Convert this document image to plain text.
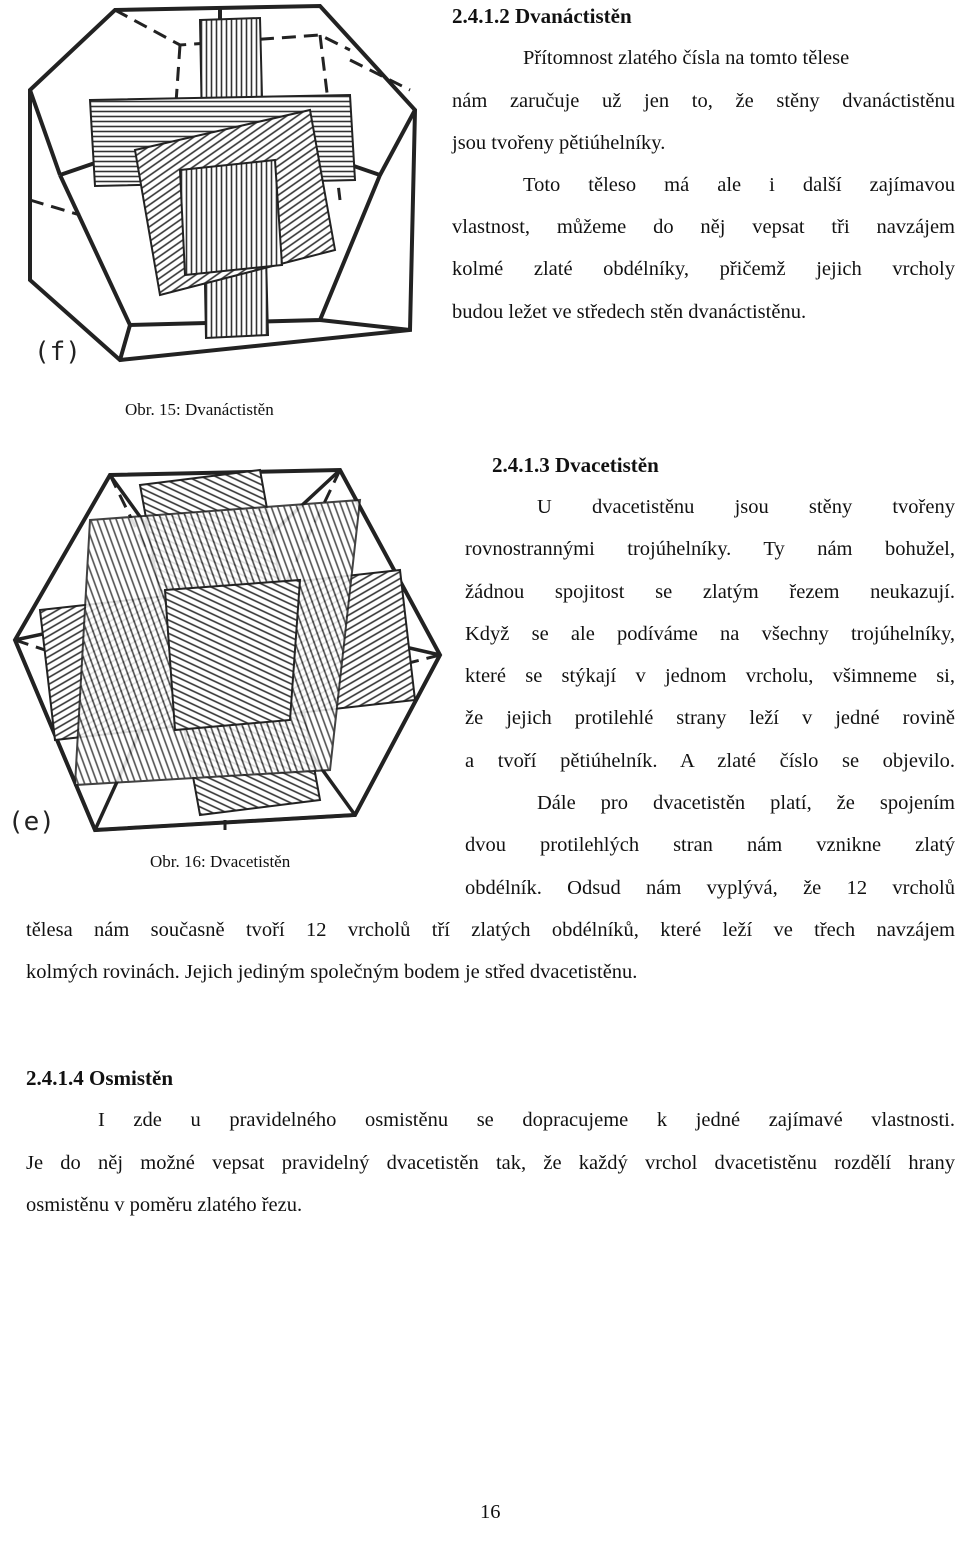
(f)
2.4.1.2 Dvanáctistěn
Přítomnost zlatého čísla na tomto tělese
nám zaručuje už jen to, že stěny dvanáctistěnu
jsou tvořeny pětiúhelníky.
Toto těleso má ale i další zajímavou
vlastnost, můžeme do něj vepsat tři navzájem
kolmé zlaté obdélníky, přičemž jejich vrcholy
budou ležet ve středech stěn dvanáctistěnu.
Obr. 15: Dvanáctistěn
(e)
2.4.1.3 Dvacetistěn
U dvacetistěnu jsou stěny tvořeny
rovnostrannými trojúhelníky. Ty nám bohužel,
žádnou spojitost se zlatým řezem neukazují.
Když se ale podíváme na všechny trojúhelníky,
které se stýkají v jednom vrcholu, všimneme si,
že jejich protilehlé strany leží v jedné rovině
a tvoří pětiúhelník. A zlaté číslo se objevilo.
Dále pro dvacetistěn platí, že spojením
dvou protilehlých stran nám vznikne zlatý
obdélník. Odsud nám vyplývá, že 12 vrcholů
Obr. 16: Dvacetistěn
tělesa nám současně tvoří 12 vrcholů tří zlatých obdélníků, které leží ve třech navzájem
kolmých rovinách. Jejich jediným společným bodem je střed dvacetistěnu.
2.4.1.4 Osmistěn
I zde u pravidelného osmistěnu se dopracujeme k jedné zajímavé vlastnosti.
Je do něj možné vepsat pravidelný dvacetistěn tak, že každý vrchol dvacetistěnu rozdělí hrany
osmistěnu v poměru zlatého řezu.
16
